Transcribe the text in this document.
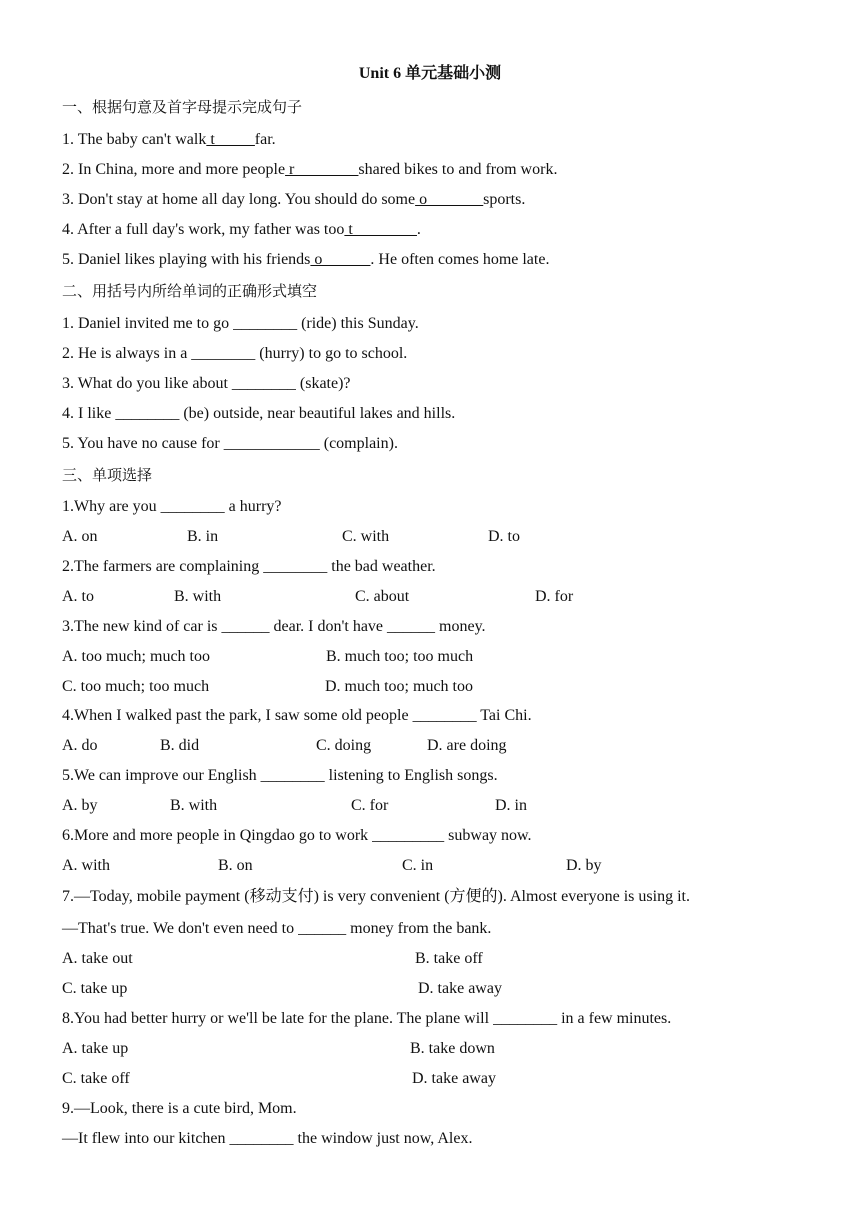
Unit 6 单元基础小测
一、根据句意及首字母提示完成句子
1. The baby can't walk t_____far.
2. In China, more and more people r________shared bikes to and from work.
3. Don't stay at home all day long. You should do some o_______sports.
4. After a full day's work, my father was too t________.
5. Daniel likes playing with his friends o______. He often comes home late.
二、用括号内所给单词的正确形式填空
1. Daniel invited me to go ________ (ride) this Sunday.
2. He is always in a ________ (hurry) to go to school.
3. What do you like about ________ (skate)?
4. I like ________ (be) outside, near beautiful lakes and hills.
5. You have no cause for ____________ (complain).
三、单项选择
1.Why are you ________ a hurry?
A. on	B. in	C. with	D. to
2.The farmers are complaining ________ the bad weather.
A. to	B. with	C. about	D. for
3.The new kind of car is ______ dear. I don't have ______ money.
A. too much; much too	B. much too; too much
C. too much; too much	D. much too; much too
4.When I walked past the park, I saw some old people ________ Tai Chi.
A. do	B. did	C. doing	D. are doing
5.We can improve our English ________ listening to English songs.
A. by	B. with	C. for	D. in
6.More and more people in Qingdao go to work _________ subway now.
A. with	B. on	C. in	D. by
7.—Today, mobile payment (移动支付) is very convenient (方便的). Almost everyone is using it.
—That's true. We don't even need to ______ money from the bank.
A. take out	B. take off
C. take up	D. take away
8.You had better hurry or we'll be late for the plane. The plane will ________ in a few minutes.
A. take up	B. take down
C. take off	D. take away
9.—Look, there is a cute bird, Mom.
—It flew into our kitchen ________ the window just now, Alex.
